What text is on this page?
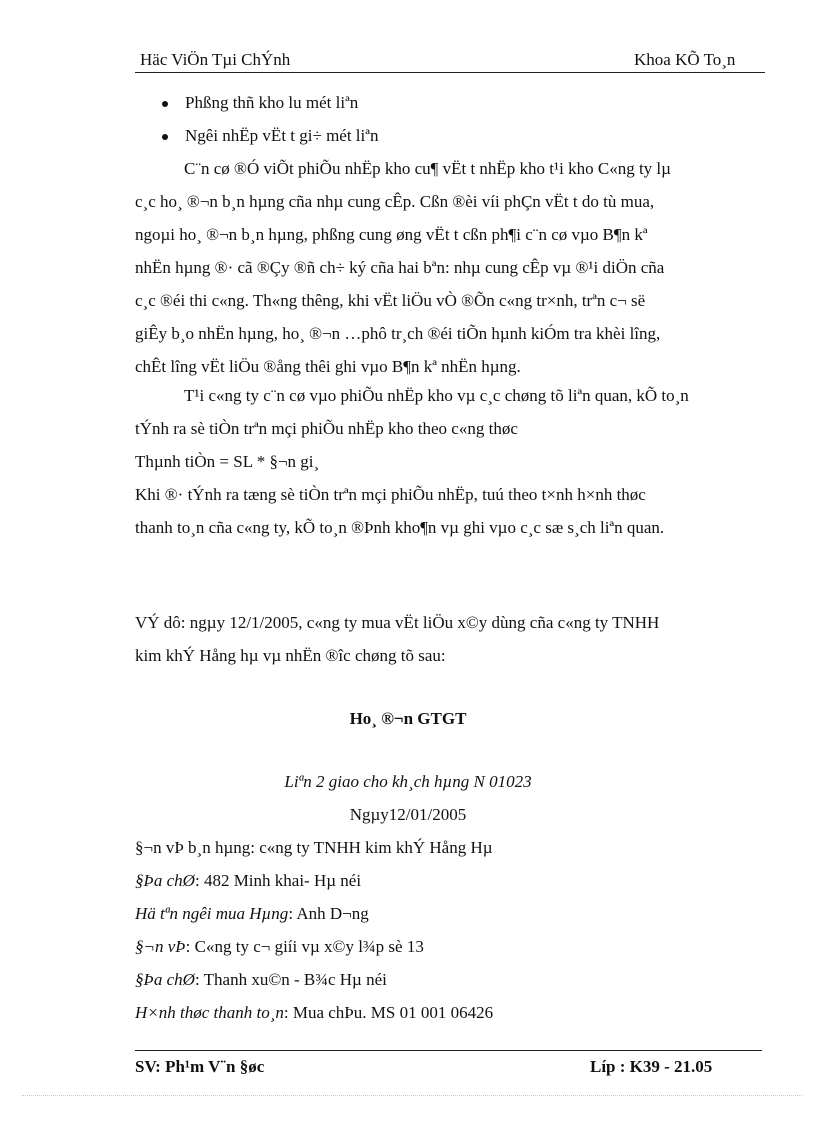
Häc ViÖn Tµi ChÝnh	Khoa KÕ To¸n
Phßng thñ kho lu mét liªn
Ngêi nhËp vËt t gi÷ mét liªn
C¨n cø ®Ó viÕt phiÕu nhËp kho cu¶ vËt t nhËp kho t¹i kho C«ng ty lµ
c¸c ho¸ ®¬n b¸n hµng cña nhµ cung cÊp. Cßn ®èi víi phÇn vËt t do tù mua,
ngoµi ho¸ ®¬n b¸n hµng, phßng cung øng vËt t cßn ph¶i c¨n cø vµo B¶n kª
nhËn hµng ®· cã ®Çy ®ñ ch÷ ký cña hai bªn: nhµ cung cÊp vµ ®¹i diÖn cña
c¸c ®éi thi c«ng. Th«ng thêng, khi vËt liÖu vÒ ®Õn c«ng tr×nh, trªn c¬ së
giÊy b¸o nhËn hµng, ho¸ ®¬n …phô tr¸ch ®éi tiÕn hµnh kiÓm tra khèi lîng,
chÊt lîng vËt liÖu ®ång thêi ghi vµo B¶n kª nhËn hµng.
T¹i c«ng ty c¨n cø vµo phiÕu nhËp kho vµ c¸c chøng tõ liªn quan, kÕ to¸n
tÝnh ra sè tiÒn trªn mçi phiÕu nhËp kho theo c«ng thøc
Thµnh tiÒn = SL * §¬n gi¸
Khi ®· tÝnh ra tæng sè tiÒn trªn mçi phiÕu nhËp, tuú theo t×nh h×nh thøc
thanh to¸n cña c«ng ty, kÕ to¸n ®Þnh kho¶n vµ ghi vµo c¸c sæ s¸ch liªn quan.
VÝ dô: ngµy 12/1/2005, c«ng ty mua vËt liÖu x©y dùng cña c«ng ty TNHH
kim khÝ Hång hµ vµ nhËn ®îc chøng tõ sau:
Ho¸ ®¬n GTGT
Liªn 2 giao cho kh¸ch hµng N 01023
Ngµy12/01/2005
§¬n vÞ b¸n hµng: c«ng ty TNHH kim khÝ Hång Hµ
§Þa chØ: 482 Minh khai- Hµ néi
Hä tªn ngêi mua Hµng: Anh D¬ng
§¬n vÞ: C«ng ty c¬ giíi vµ x©y l¾p sè 13
§Þa chØ: Thanh xu©n - B¾c Hµ néi
H×nh thøc thanh to¸n: Mua chÞu. MS 01 001 06426
SV: Ph¹m V¨n §øc	Líp : K39 - 21.05
